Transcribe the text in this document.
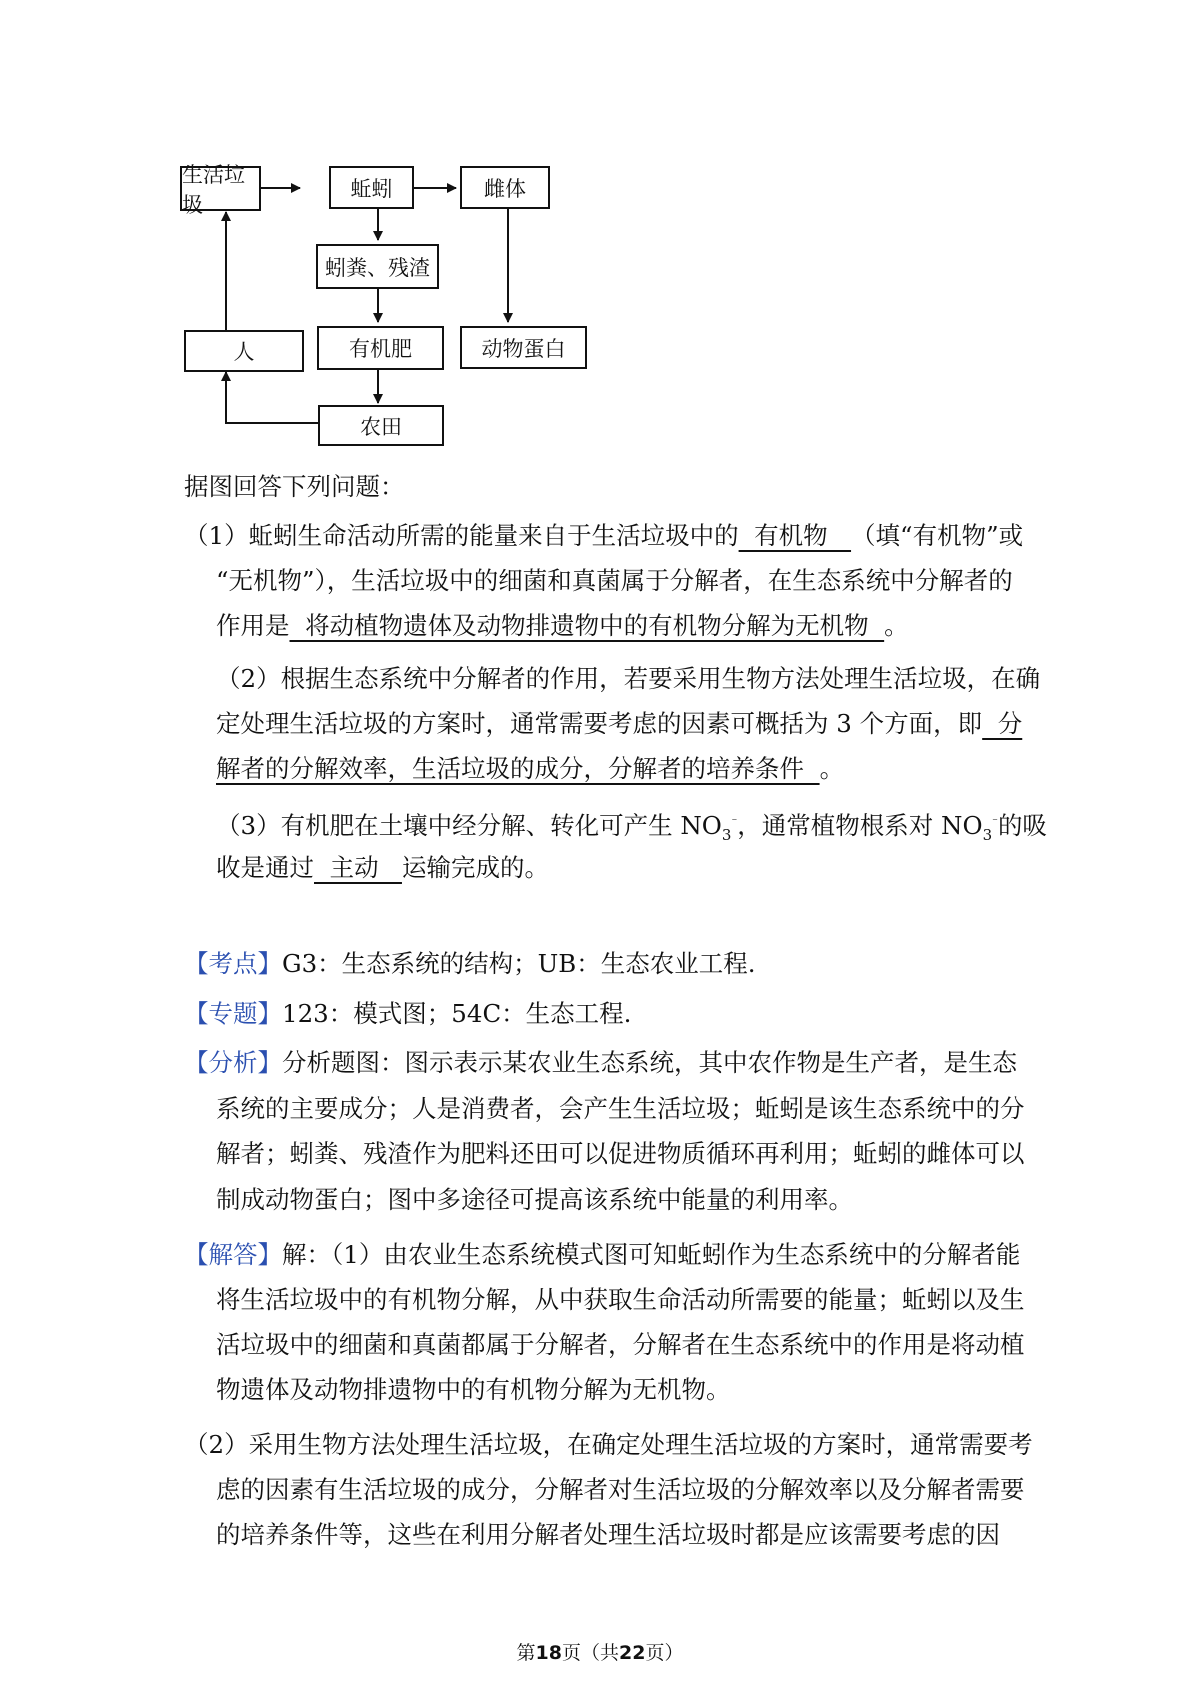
生活垃圾
蚯蚓	雌体
蚓粪、残渣
人	有机肥	动物蛋白
农田

据图回答下列问题：

（1）蚯蚓生命活动所需的能量来自于生活垃圾中的  有机物   （填“有机物”或

“无机物”），生活垃圾中的细菌和真菌属于分解者，在生态系统中分解者的

作用是  将动植物遗体及动物排遗物中的有机物分解为无机物  。

（2）根据生态系统中分解者的作用，若要采用生物方法处理生活垃圾，在确

定处理生活垃圾的方案时，通常需要考虑的因素可概括为 3 个方面，即  分

解者的分解效率，生活垃圾的成分，分解者的培养条件  。

（3）有机肥在土壤中经分解、转化可产生 $NO_3^{^-}$，通常植物根系对 $NO_3^{^-}$的吸

收是通过  主动   运输完成的。

【考点】G3：生态系统的结构；UB：生态农业工程.

【专题】123：模式图；54C：生态工程.

【分析】分析题图：图示表示某农业生态系统，其中农作物是生产者，是生态

系统的主要成分；人是消费者，会产生生活垃圾；蚯蚓是该生态系统中的分

解者；蚓粪、残渣作为肥料还田可以促进物质循环再利用；蚯蚓的雌体可以

制成动物蛋白；图中多途径可提高该系统中能量的利用率。

【解答】解：（1）由农业生态系统模式图可知蚯蚓作为生态系统中的分解者能

将生活垃圾中的有机物分解，从中获取生命活动所需要的能量；蚯蚓以及生

活垃圾中的细菌和真菌都属于分解者，分解者在生态系统中的作用是将动植

物遗体及动物排遗物中的有机物分解为无机物。

（2）采用生物方法处理生活垃圾，在确定处理生活垃圾的方案时，通常需要考

虑的因素有生活垃圾的成分，分解者对生活垃圾的分解效率以及分解者需要

的培养条件等，这些在利用分解者处理生活垃圾时都是应该需要考虑的因

第18页（共22页）
